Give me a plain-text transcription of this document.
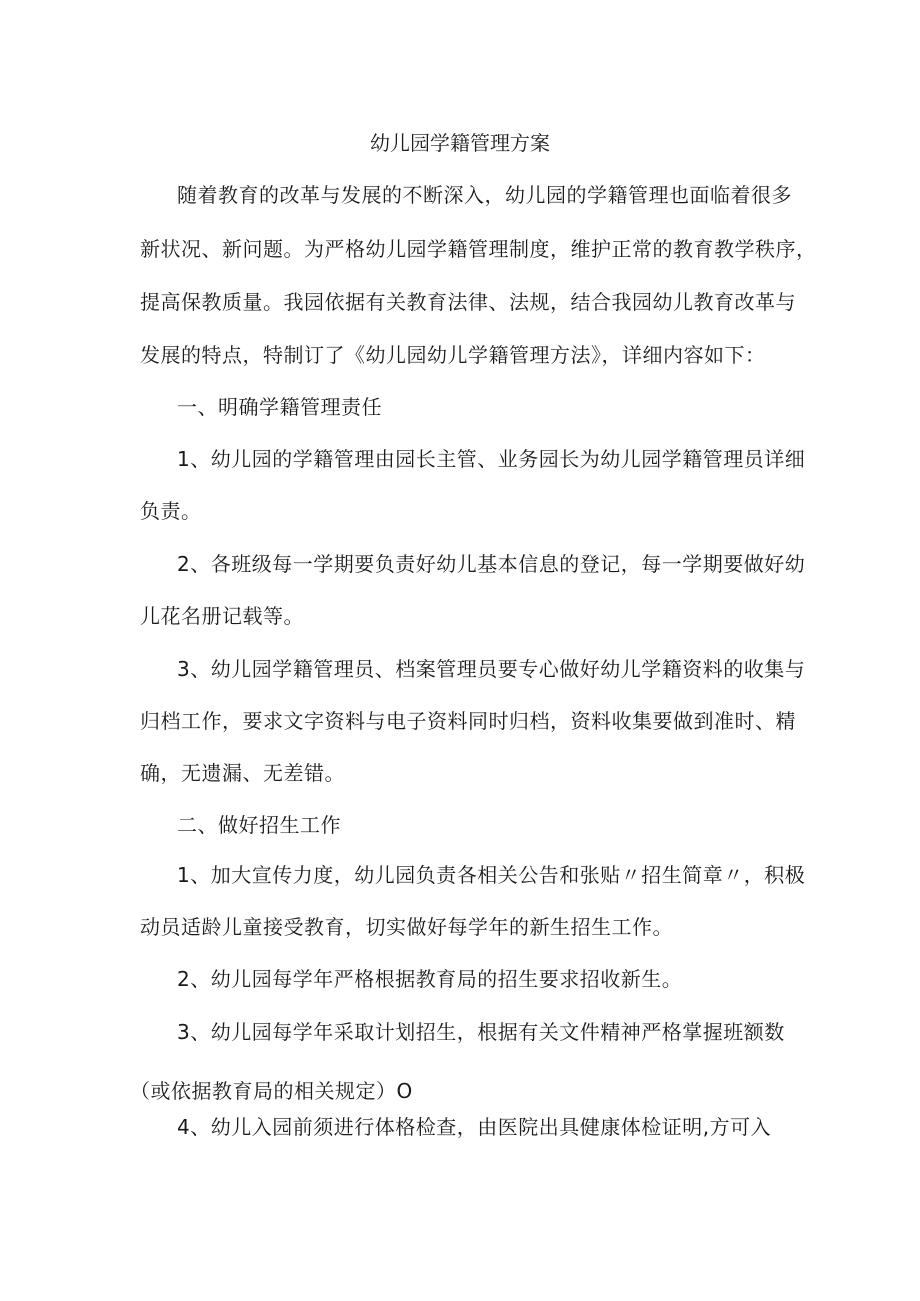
幼儿园学籍管理方案
随着教育的改革与发展的不断深入，幼儿园的学籍管理也面临着很多
新状况、新问题。为严格幼儿园学籍管理制度，维护正常的教育教学秩序，
提高保教质量。我园依据有关教育法律、法规，结合我园幼儿教育改革与
发展的特点，特制订了《幼儿园幼儿学籍管理方法》，详细内容如下：
一、明确学籍管理责任
1、幼儿园的学籍管理由园长主管、业务园长为幼儿园学籍管理员详细
负责。
2、各班级每一学期要负责好幼儿基本信息的登记，每一学期要做好幼
儿花名册记载等。
3、幼儿园学籍管理员、档案管理员要专心做好幼儿学籍资料的收集与
归档工作，要求文字资料与电子资料同时归档，资料收集要做到准时、精
确，无遗漏、无差错。
二、做好招生工作
1、加大宣传力度，幼儿园负责各相关公告和张贴〃招生简章〃，积极
动员适龄儿童接受教育，切实做好每学年的新生招生工作。
2、幼儿园每学年严格根据教育局的招生要求招收新生。
3、幼儿园每学年采取计划招生，根据有关文件精神严格掌握班额数
（或依据教育局的相关规定）O
4、幼儿入园前须进行体格检查，由医院出具健康体检证明,方可入
